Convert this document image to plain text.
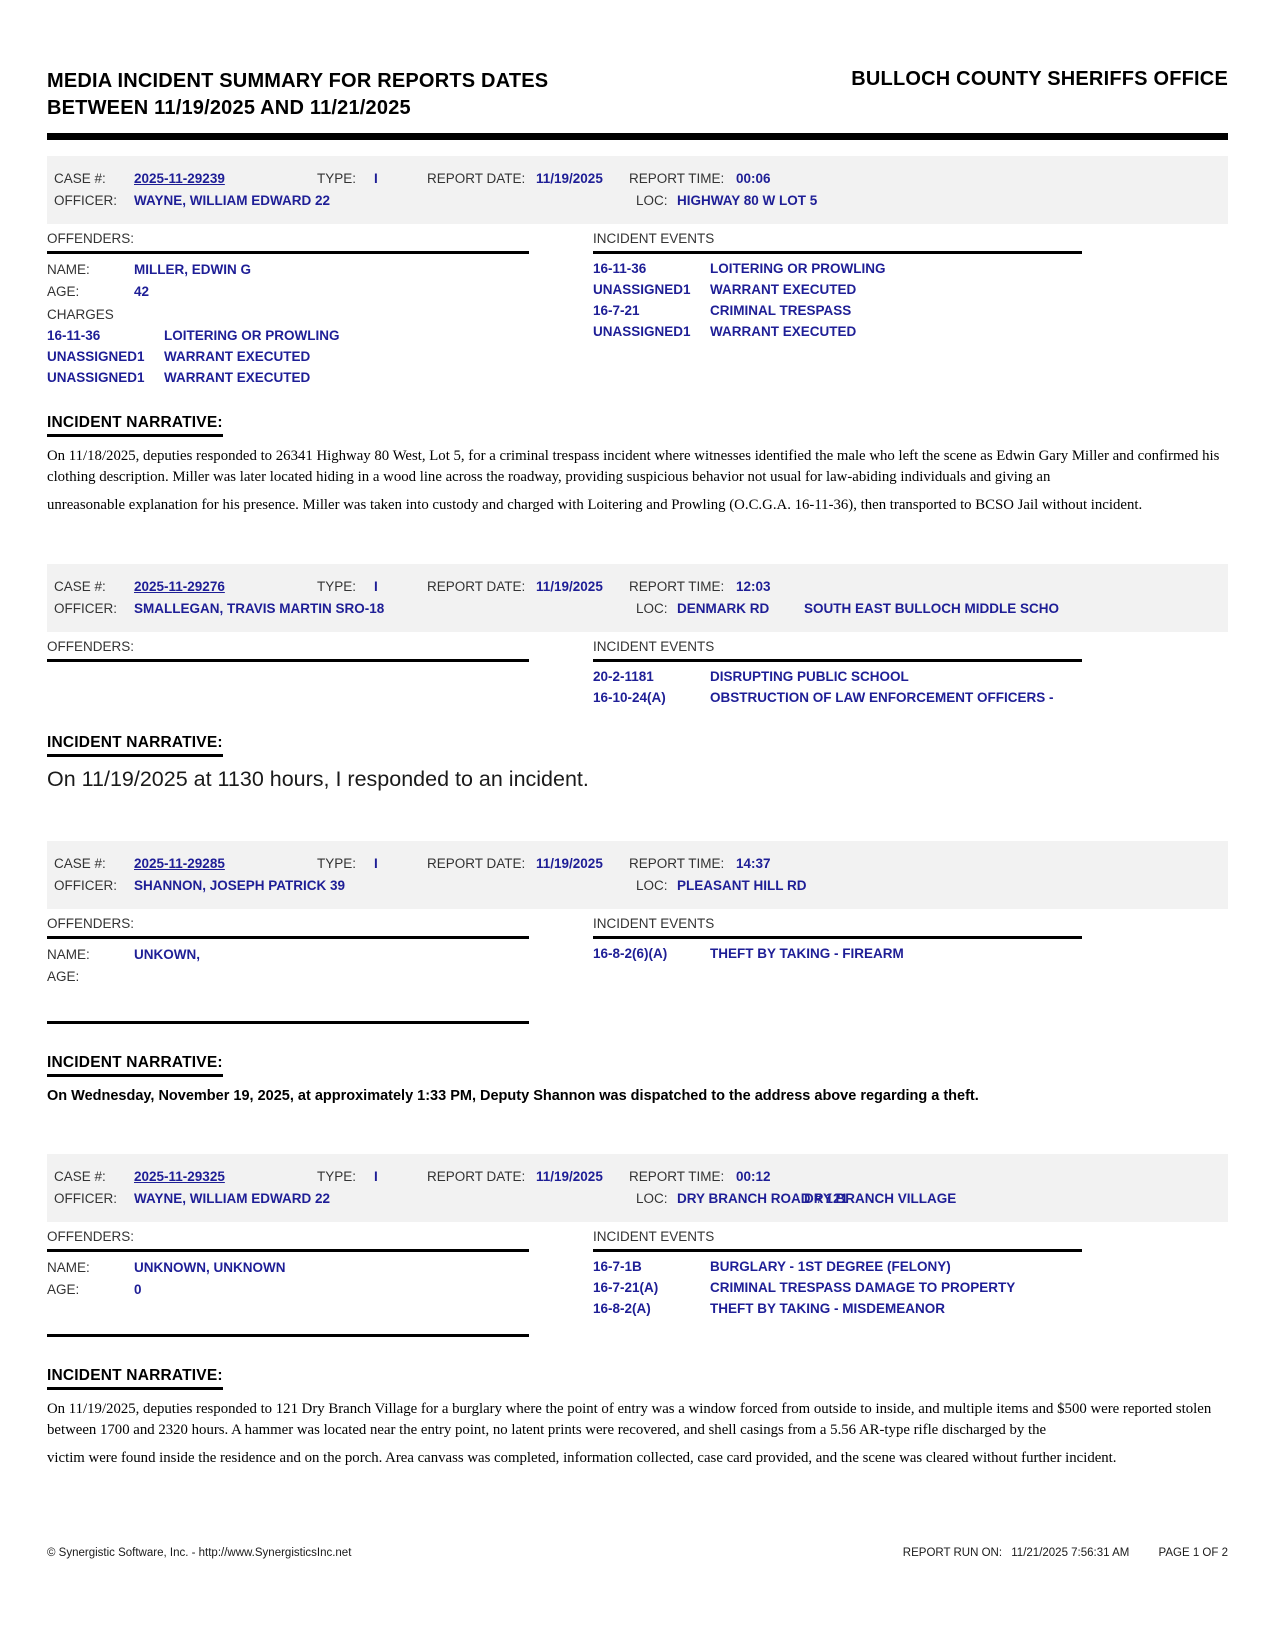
MEDIA INCIDENT SUMMARY FOR REPORTS DATES
BETWEEN 11/19/2025 AND 11/21/2025
BULLOCH COUNTY SHERIFFS OFFICE
CASE #:	2025-11-29239	TYPE:	I	REPORT DATE: 11/19/2025	REPORT TIME: 00:06
OFFICER:	WAYNE, WILLIAM EDWARD 22	LOC: HIGHWAY 80 W LOT 5
OFFENDERS:
NAME:	MILLER, EDWIN G
AGE:	42
CHARGES
16-11-36	LOITERING OR PROWLING
UNASSIGNED1	WARRANT EXECUTED
UNASSIGNED1	WARRANT EXECUTED
INCIDENT EVENTS
16-11-36	LOITERING OR PROWLING
UNASSIGNED1	WARRANT EXECUTED
16-7-21	CRIMINAL TRESPASS
UNASSIGNED1	WARRANT EXECUTED
INCIDENT NARRATIVE:

On 11/18/2025, deputies responded to 26341 Highway 80 West, Lot 5, for a criminal trespass incident where witnesses identified the male who left the scene as Edwin Gary Miller and confirmed his clothing description. Miller was later located hiding in a wood line across the roadway, providing suspicious behavior not usual for law-abiding individuals and giving an

unreasonable explanation for his presence. Miller was taken into custody and charged with Loitering and Prowling (O.C.G.A. 16-11-36), then transported to BCSO Jail without incident.

CASE #:	2025-11-29276	TYPE:	I	REPORT DATE: 11/19/2025	REPORT TIME: 12:03
OFFICER:	SMALLEGAN, TRAVIS MARTIN SRO-18	LOC: DENMARK RD	SOUTH EAST BULLOCH MIDDLE SCHO
OFFENDERS:	INCIDENT EVENTS
20-2-1181	DISRUPTING PUBLIC SCHOOL
16-10-24(A)	OBSTRUCTION OF LAW ENFORCEMENT OFFICERS -
INCIDENT NARRATIVE:

On 11/19/2025 at 1130 hours, I responded to an incident.

CASE #:	2025-11-29285	TYPE:	I	REPORT DATE: 11/19/2025	REPORT TIME: 14:37
OFFICER:	SHANNON, JOSEPH PATRICK 39	LOC: PLEASANT HILL RD
OFFENDERS:
NAME:	UNKOWN,
AGE:
INCIDENT EVENTS
16-8-2(6)(A)	THEFT BY TAKING - FIREARM
INCIDENT NARRATIVE:

On Wednesday, November 19, 2025, at approximately 1:33 PM, Deputy Shannon was dispatched to the address above regarding a theft.

CASE #:	2025-11-29325	TYPE:	I	REPORT DATE: 11/19/2025	REPORT TIME: 00:12
OFFICER:	WAYNE, WILLIAM EDWARD 22	LOC: DRY BRANCH ROAD # 121
DRY BRANCH VILLAGE
OFFENDERS:
NAME:	UNKNOWN, UNKNOWN
AGE:	0
INCIDENT EVENTS
16-7-1B	BURGLARY - 1ST DEGREE (FELONY)
16-7-21(A)	CRIMINAL TRESPASS DAMAGE TO PROPERTY
16-8-2(A)	THEFT BY TAKING - MISDEMEANOR
INCIDENT NARRATIVE:

On 11/19/2025, deputies responded to 121 Dry Branch Village for a burglary where the point of entry was a window forced from outside to inside, and multiple items and $500 were reported stolen between 1700 and 2320 hours. A hammer was located near the entry point, no latent prints were recovered, and shell casings from a 5.56 AR-type rifle discharged by the

victim were found inside the residence and on the porch. Area canvass was completed, information collected, case card provided, and the scene was cleared without further incident.

© Synergistic Software, Inc. - http://www.SynergisticsInc.net	REPORT RUN ON: 11/21/2025 7:56:31 AM	PAGE 1 OF 2
